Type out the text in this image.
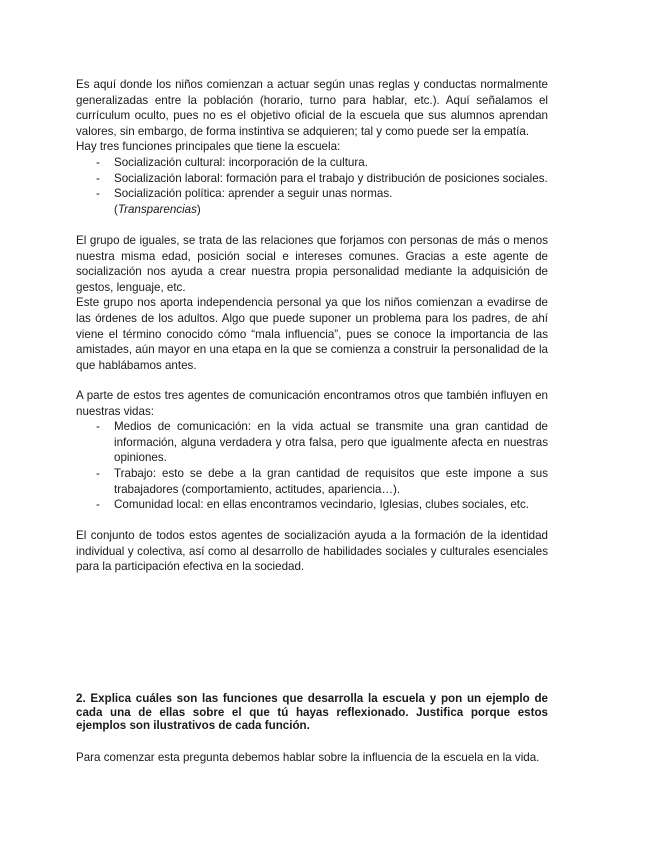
Es aquí donde los niños comienzan a actuar según unas reglas y conductas normalmente generalizadas entre la población (horario, turno para hablar, etc.). Aquí señalamos el currículum oculto, pues no es el objetivo oficial de la escuela que sus alumnos aprendan valores, sin embargo, de forma instintiva se adquieren; tal y como puede ser la empatía.

Hay tres funciones principales que tiene la escuela:

- Socialización cultural: incorporación de la cultura.
- Socialización laboral: formación para el trabajo y distribución de posiciones sociales.
- Socialización política: aprender a seguir unas normas.
(Transparencias)

El grupo de iguales, se trata de las relaciones que forjamos con personas de más o menos nuestra misma edad, posición social e intereses comunes. Gracias a este agente de socialización nos ayuda a crear nuestra propia personalidad mediante la adquisición de gestos, lenguaje, etc.

Este grupo nos aporta independencia personal ya que los niños comienzan a evadirse de las órdenes de los adultos. Algo que puede suponer un problema para los padres, de ahí viene el término conocido cómo “mala influencia”, pues se conoce la importancia de las amistades, aún mayor en una etapa en la que se comienza a construir la personalidad de la que hablábamos antes.

A parte de estos tres agentes de comunicación encontramos otros que también influyen en nuestras vidas:

- Medios de comunicación: en la vida actual se transmite una gran cantidad de información, alguna verdadera y otra falsa, pero que igualmente afecta en nuestras opiniones.
- Trabajo: esto se debe a la gran cantidad de requisitos que este impone a sus trabajadores (comportamiento, actitudes, apariencia…).
- Comunidad local: en ellas encontramos vecindario, Iglesias, clubes sociales, etc.

El conjunto de todos estos agentes de socialización ayuda a la formación de la identidad individual y colectiva, así como al desarrollo de habilidades sociales y culturales esenciales para la participación efectiva en la sociedad.

2. Explica cuáles son las funciones que desarrolla la escuela y pon un ejemplo de cada una de ellas sobre el que tú hayas reflexionado. Justifica porque estos ejemplos son ilustrativos de cada función.

Para comenzar esta pregunta debemos hablar sobre la influencia de la escuela en la vida.
